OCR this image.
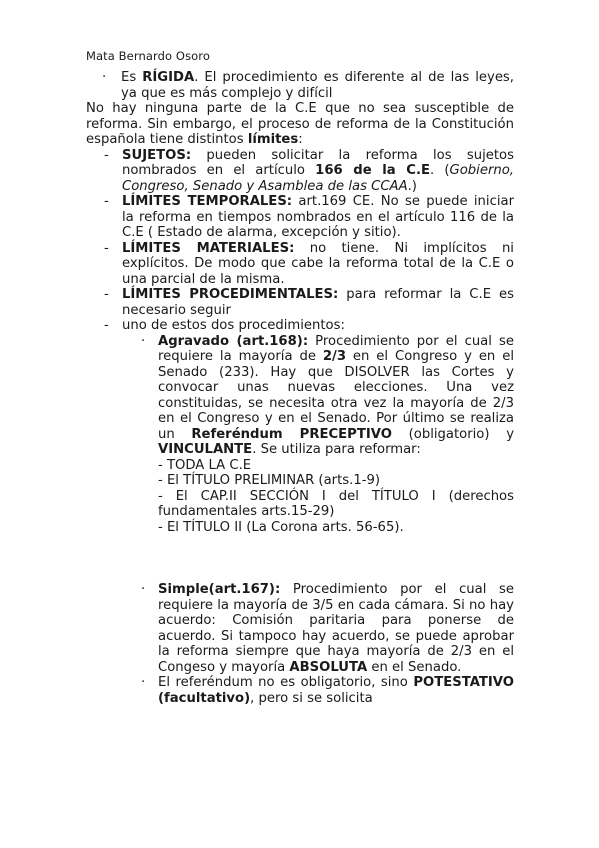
Mata Bernardo Osoro
· Es RÍGIDA. El procedimiento es diferente al de las leyes, ya que es más complejo y difícil

No hay ninguna parte de la C.E que no sea susceptible de reforma. Sin embargo, el proceso de reforma de la Constitución española tiene distintos límites:

- SUJETOS: pueden solicitar la reforma los sujetos nombrados en el artículo 166 de la C.E. (Gobierno, Congreso, Senado y Asamblea de las CCAA.)
- LÍMITES TEMPORALES: art.169 CE. No se puede iniciar la reforma en tiempos nombrados en el artículo 116 de la C.E ( Estado de alarma, excepción y sitio).
- LÍMITES MATERIALES: no tiene. Ni implícitos ni explícitos. De modo que cabe la reforma total de la C.E o una parcial de la misma.
- LÍMITES PROCEDIMENTALES: para reformar la C.E es necesario seguir
- uno de estos dos procedimientos:
· Agravado (art.168): Procedimiento por el cual se requiere la mayoría de 2/3 en el Congreso y en el Senado (233). Hay que DISOLVER las Cortes y convocar unas nuevas elecciones. Una vez constituidas, se necesita otra vez la mayoría de 2/3 en el Congreso y en el Senado. Por último se realiza un Referéndum PRECEPTIVO (obligatorio) y VINCULANTE. Se utiliza para reformar:
- TODA LA C.E
- El TÍTULO PRELIMINAR (arts.1-9)
- El CAP.II SECCIÓN I del TÍTULO I (derechos fundamentales arts.15-29)
- El TÍTULO II (La Corona arts. 56-65).
· Simple(art.167): Procedimiento por el cual se requiere la mayoría de 3/5 en cada cámara. Si no hay acuerdo: Comisión paritaria para ponerse de acuerdo. Si tampoco hay acuerdo, se puede aprobar la reforma siempre que haya mayoría de 2/3 en el Congeso y mayoría ABSOLUTA en el Senado.
· El referéndum no es obligatorio, sino POTESTATIVO (facultativo), pero si se solicita
